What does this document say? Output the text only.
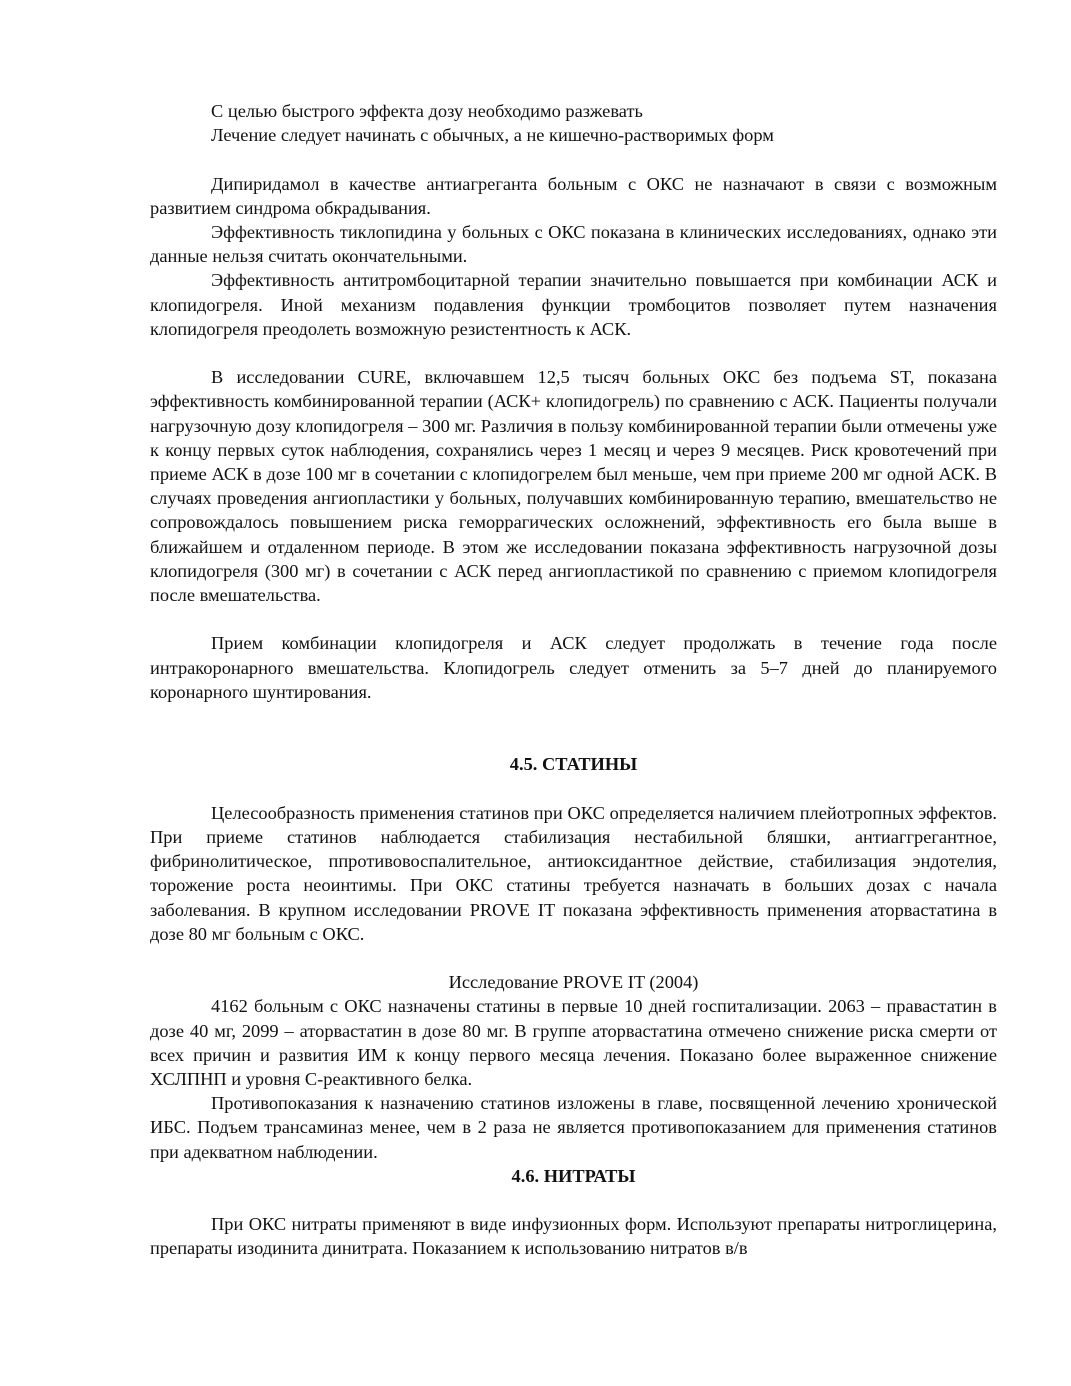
С целью быстрого эффекта дозу необходимо разжевать

Лечение следует начинать с обычных, а не кишечно-растворимых форм

Дипиридамол в качестве антиагреганта больным с ОКС не назначают в связи с возможным развитием синдрома обкрадывания.

Эффективность тиклопидина у больных с ОКС показана в клинических исследованиях, однако эти данные нельзя считать окончательными.

Эффективность антитромбоцитарной терапии значительно повышается при комбинации АСК и клопидогреля. Иной механизм подавления функции тромбоцитов позволяет путем назначения клопидогреля преодолеть возможную резистентность к АСК.

В исследовании CURE, включавшем 12,5 тысяч больных ОКС без подъема ST, показана эффективность комбинированной терапии (АСК+ клопидогрель) по сравнению с АСК. Пациенты получали нагрузочную дозу клопидогреля – 300 мг. Различия в пользу комбинированной терапии были отмечены уже к концу первых суток наблюдения, сохранялись через 1 месяц и через 9 месяцев. Риск кровотечений при приеме АСК в дозе 100 мг в сочетании с клопидогрелем был меньше, чем при приеме 200 мг одной АСК. В случаях проведения ангиопластики у больных, получавших комбинированную терапию, вмешательство не сопровождалось повышением риска геморрагических осложнений, эффективность его была выше в ближайшем и отдаленном периоде. В этом же исследовании показана эффективность нагрузочной дозы клопидогреля (300 мг) в сочетании с АСК перед ангиопластикой по сравнению с приемом клопидогреля после вмешательства.

Прием комбинации клопидогреля и АСК следует продолжать в течение года после интракоронарного вмешательства. Клопидогрель следует отменить за 5–7 дней до планируемого коронарного шунтирования.

4.5. СТАТИНЫ

Целесообразность применения статинов при ОКС определяется наличием плейотропных эффектов. При приеме статинов наблюдается стабилизация нестабильной бляшки, антиаггрегантное, фибринолитическое, ппротивовоспалительное, антиоксидантное действие, стабилизация эндотелия, торожение роста неоинтимы. При ОКС статины требуется назначать в больших дозах с начала заболевания. В крупном исследовании PROVE IT показана эффективность применения аторвастатина в дозе 80 мг больным с ОКС.

Исследование PROVE IT (2004)

4162 больным с ОКС назначены статины в первые 10 дней госпитализации. 2063 – правастатин в дозе 40 мг, 2099 – аторвастатин в дозе 80 мг. В группе аторвастатина отмечено снижение риска смерти от всех причин и развития ИМ к концу первого месяца лечения. Показано более выраженное снижение ХСЛПНП и уровня С-реактивного белка.

Противопоказания к назначению статинов изложены в главе, посвященной лечению хронической ИБС. Подъем трансаминаз менее, чем в 2 раза не является противопоказанием для применения статинов при адекватном наблюдении.

4.6. НИТРАТЫ

При ОКС нитраты применяют в виде инфузионных форм. Используют препараты нитроглицерина, препараты изодинита динитрата. Показанием к использованию нитратов в/в
